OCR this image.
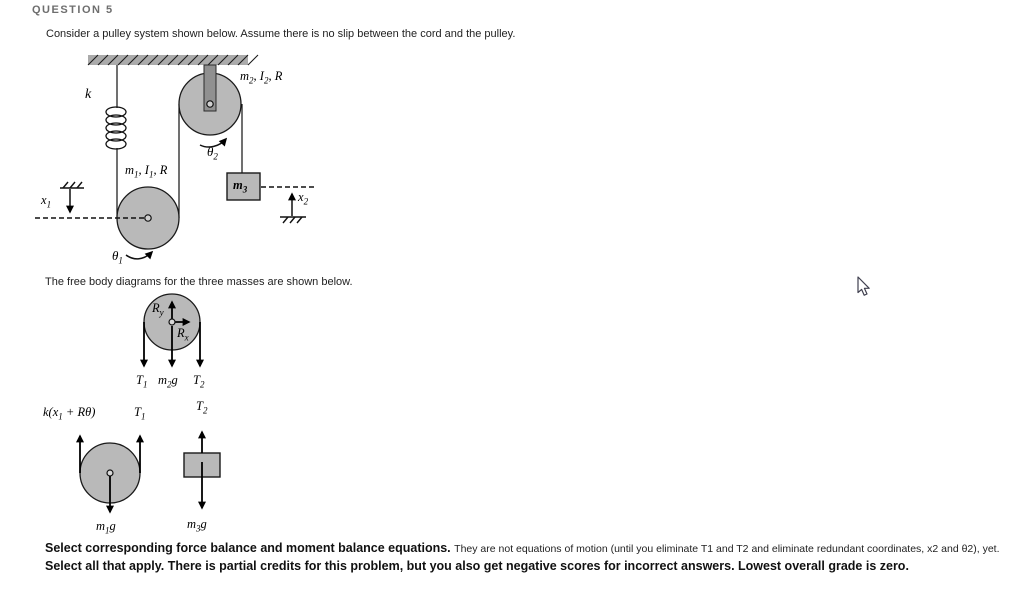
QUESTION 5
Consider a pulley system shown below. Assume there is no slip between the cord and the pulley.
k
$m_1$, $I_1$, R
$m_2$, $I_2$, R
$m_3$
$x_1$
$x_2$
$\theta_1$
$\theta_2$
The free body diagrams for the three masses are shown below.
$R_y$
$R_x$
$T_1$ $m_2g$ $T_2$
$k(x_1 + R\theta)$	$T_1$
$T_2$
$m_1g$	$m_3g$
Select corresponding force balance and moment balance equations. They are not equations of motion (until you eliminate T1 and T2 and eliminate redundant coordinates, x2 and θ2), yet. Select all that apply. There is partial credits for this problem, but you also get negative scores for incorrect answers. Lowest overall grade is zero.
